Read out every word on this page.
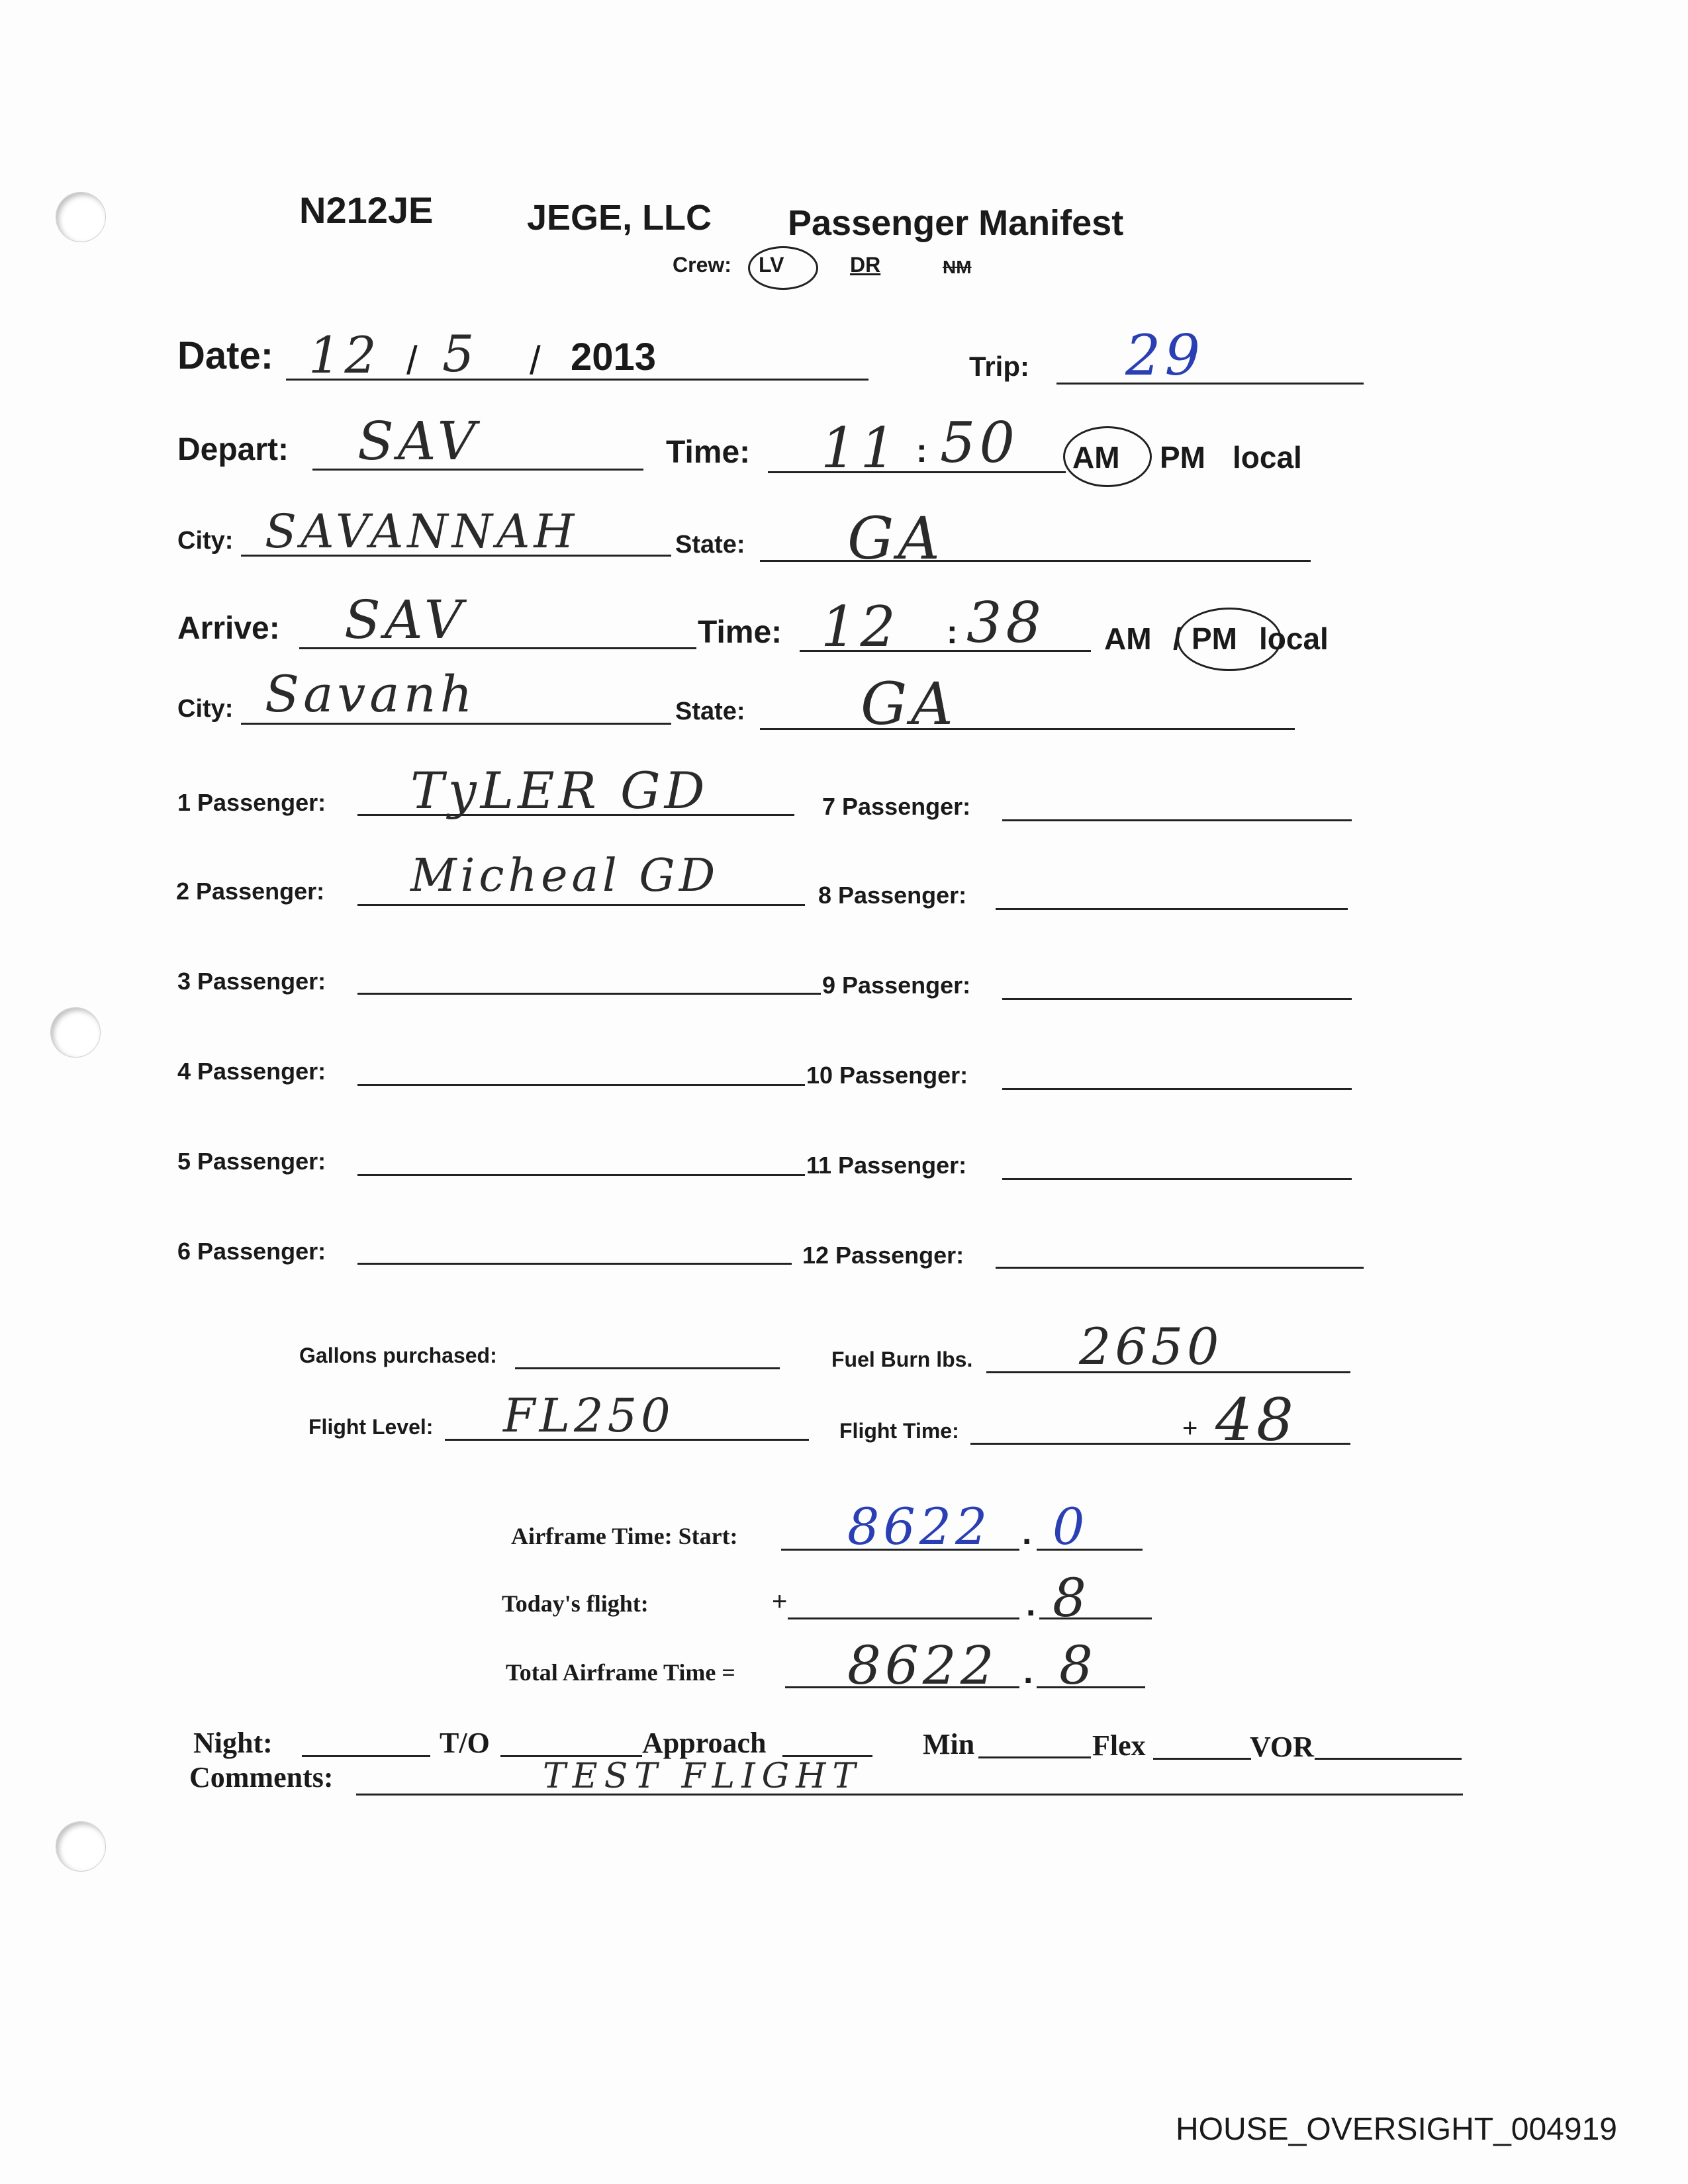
N212JE	JEGE, LLC Passenger Manifest
Crew: LV	DR	NM
Date: 12 / 5 / 2013	Trip: 29
Depart: SAV	Time: 11 : 50 AM PM local
City: SAVANNAH	State: GA
Arrive: SAV	Time: 12 : 38 AM / PM local
City: Savanh	State: GA
1 Passenger: TyLER GD
2 Passenger: Micheal GD
3 Passenger:
4 Passenger:
5 Passenger:
6 Passenger:
7 Passenger:
8 Passenger:
9 Passenger:
10 Passenger:
11 Passenger:
12 Passenger:
Gallons purchased:	Fuel Burn lbs. 2650
Flight Level: FL250	Flight Time:	+ 48
Airframe Time: Start: 8622 . 0
Today's flight:	+	. 8
Total Airframe Time = 8622 . 8
Night:	T/O	Approach	Min	Flex	VOR
Comments:	TEST FLIGHT
HOUSE_OVERSIGHT_004919
